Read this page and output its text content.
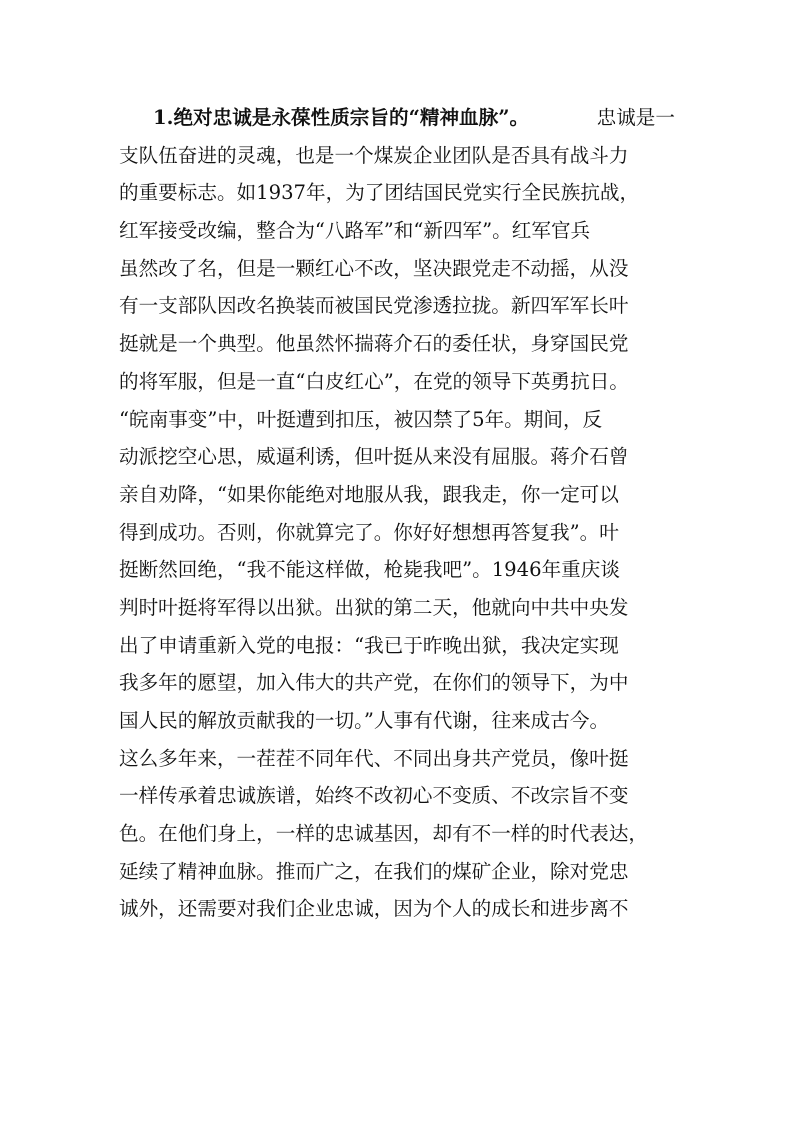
1.绝对忠诚是永葆性质宗旨的“精神血脉”。	忠诚是一
支队伍奋进的灵魂，也是一个煤炭企业团队是否具有战斗力
的重要标志。如1937年，为了团结国民党实行全民族抗战，
红军接受改编，整合为“八路军”和“新四军”。红军官兵
虽然改了名，但是一颗红心不改，坚决跟党走不动摇，从没
有一支部队因改名换装而被国民党渗透拉拢。新四军军长叶
挺就是一个典型。他虽然怀揣蒋介石的委任状，身穿国民党
的将军服，但是一直“白皮红心”，在党的领导下英勇抗日。
“皖南事变”中，叶挺遭到扣压，被囚禁了5年。期间，反
动派挖空心思，威逼利诱，但叶挺从来没有屈服。蒋介石曾
亲自劝降，“如果你能绝对地服从我，跟我走，你一定可以
得到成功。否则，你就算完了。你好好想想再答复我”。叶
挺断然回绝，“我不能这样做，枪毙我吧”。1946年重庆谈
判时叶挺将军得以出狱。出狱的第二天，他就向中共中央发
出了申请重新入党的电报：“我已于昨晚出狱，我决定实现
我多年的愿望，加入伟大的共产党，在你们的领导下，为中
国人民的解放贡献我的一切。”人事有代谢，往来成古今。
这么多年来，一茬茬不同年代、不同出身共产党员，像叶挺
一样传承着忠诚族谱，始终不改初心不变质、不改宗旨不变
色。在他们身上，一样的忠诚基因，却有不一样的时代表达，
延续了精神血脉。推而广之，在我们的煤矿企业，除对党忠
诚外，还需要对我们企业忠诚，因为个人的成长和进步离不
